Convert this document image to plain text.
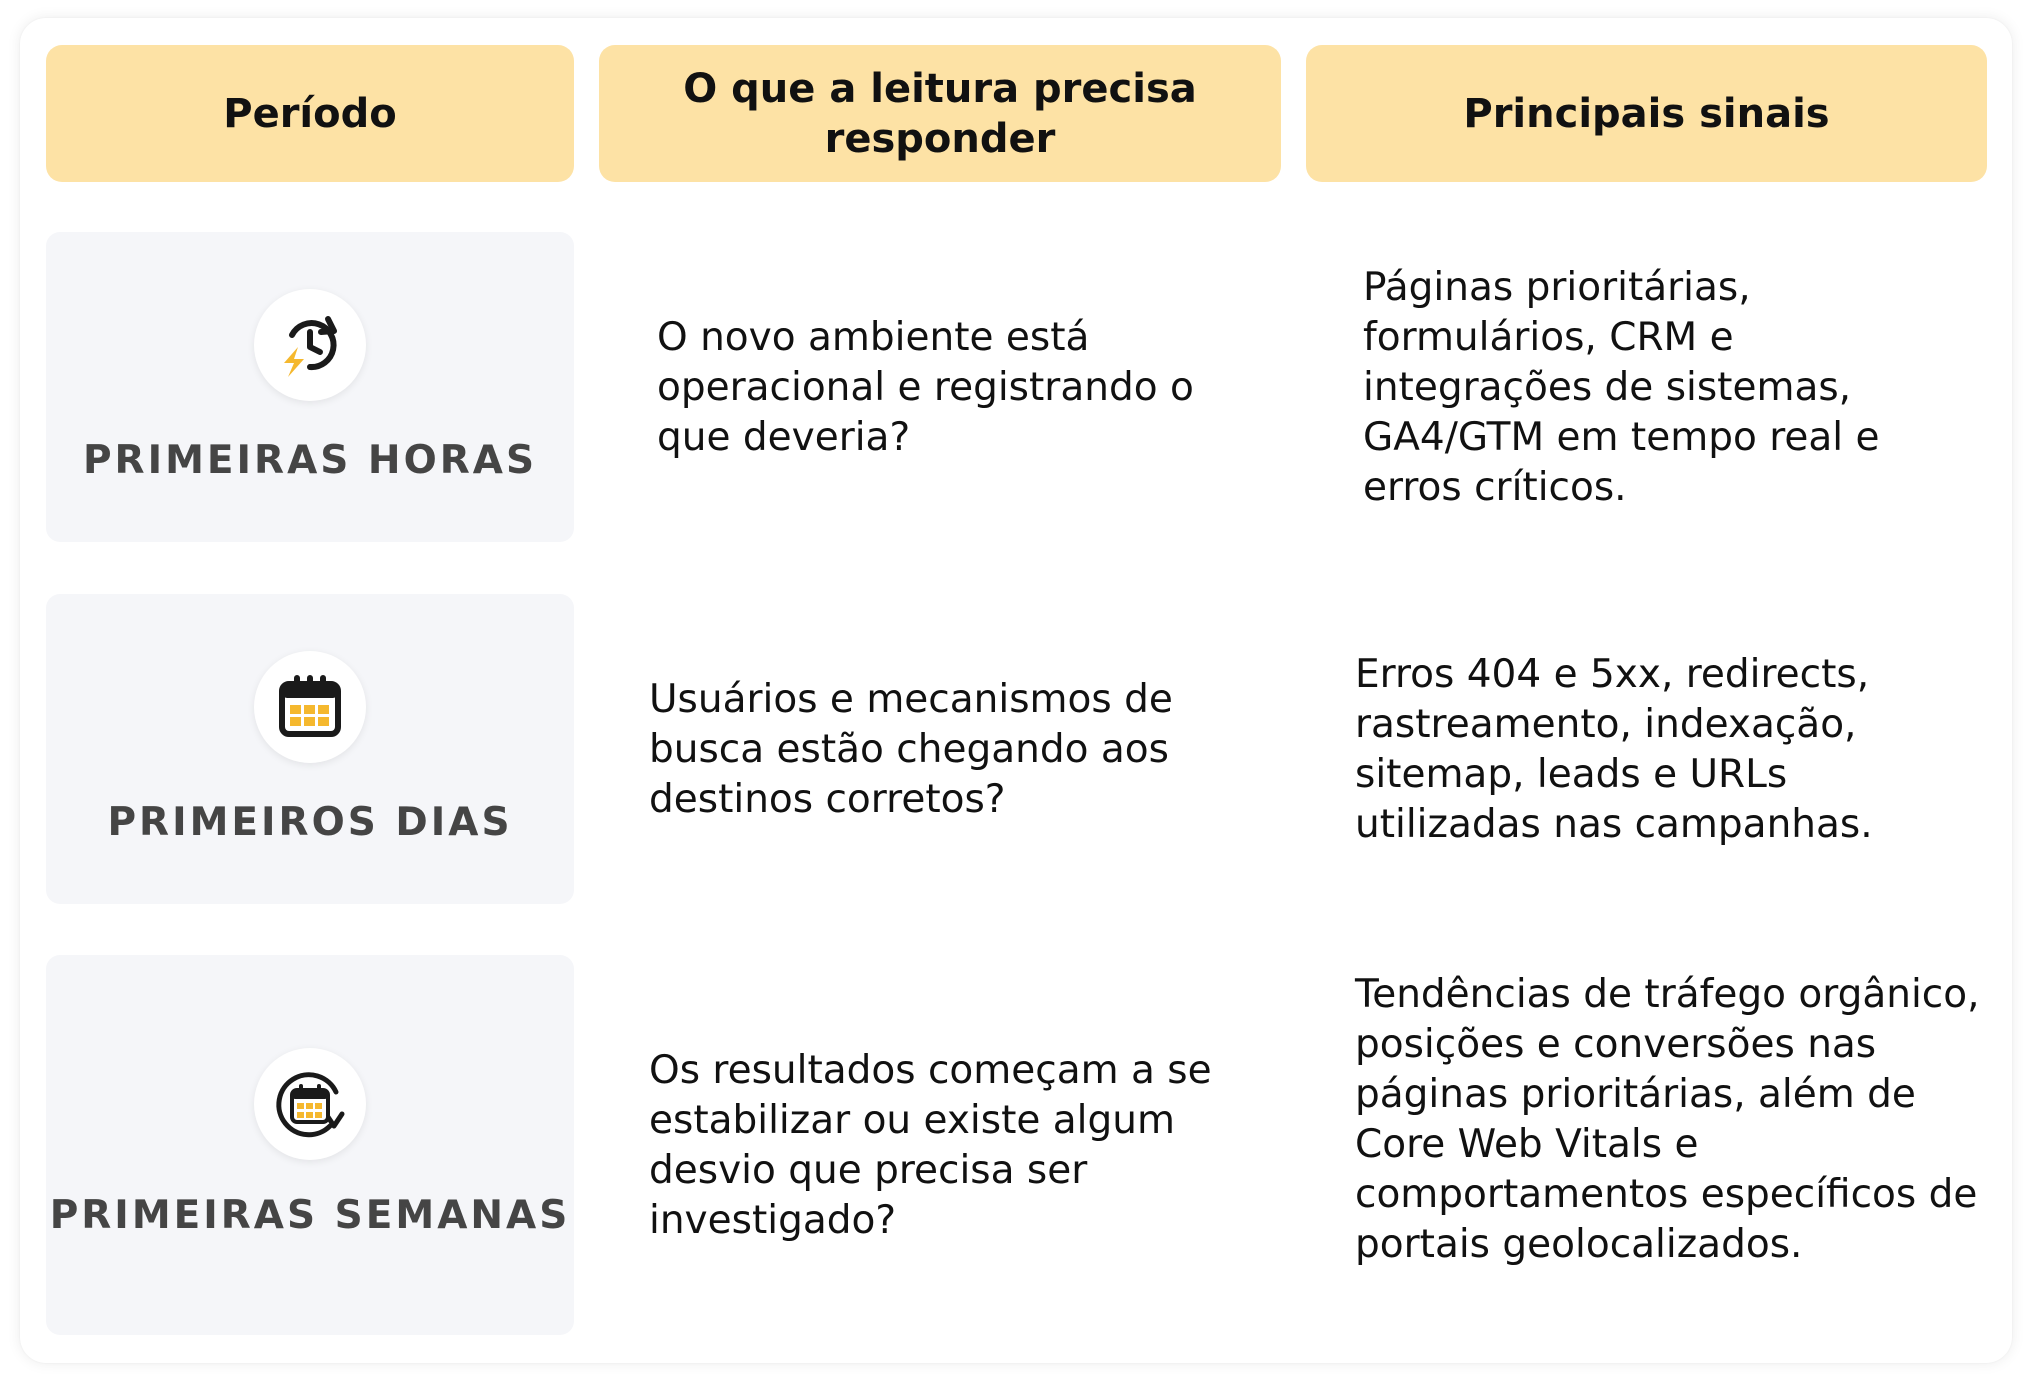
Período
O que a leitura precisa responder
Principais sinais
PRIMEIRAS HORAS
O novo ambiente está operacional e registrando o que deveria?
Páginas prioritárias, formulários, CRM e integrações de sistemas, GA4/GTM em tempo real e erros críticos.
PRIMEIROS DIAS
Usuários e mecanismos de busca estão chegando aos destinos corretos?
Erros 404 e 5xx, redirects, rastreamento, indexação, sitemap, leads e URLs utilizadas nas campanhas.
PRIMEIRAS SEMANAS
Os resultados começam a se estabilizar ou existe algum desvio que precisa ser investigado?
Tendências de tráfego orgânico, posições e conversões nas páginas prioritárias, além de Core Web Vitals e comportamentos específicos de portais geolocalizados.
